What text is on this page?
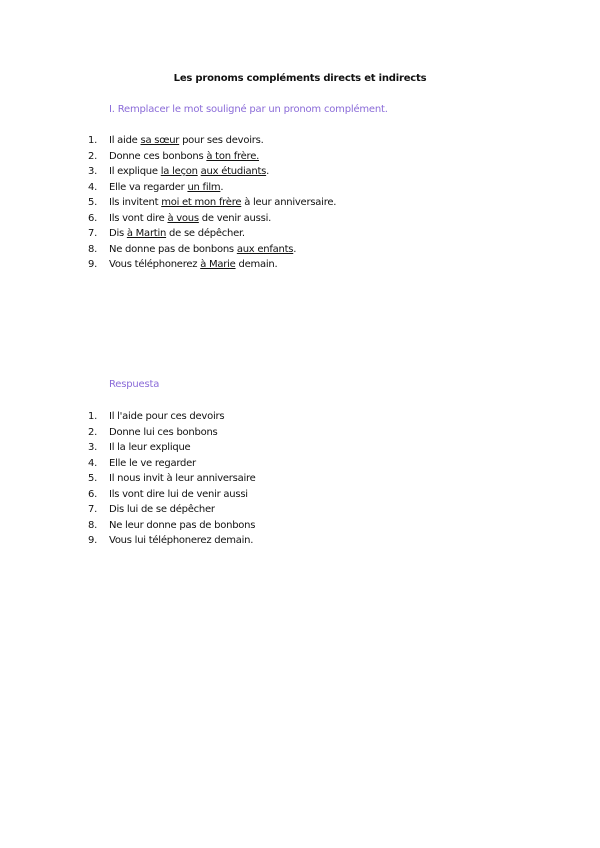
Les pronoms compléments directs et indirects
I. Remplacer le mot souligné par un pronom complément.
1.	Il aide sa sœur pour ses devoirs.
2.	Donne ces bonbons à ton frère.
3.	Il explique la leçon aux étudiants.
4.	Elle va regarder un film.
5.	Ils invitent moi et mon frère à leur anniversaire.
6.	Ils vont dire à vous de venir aussi.
7.	Dis à Martin de se dépêcher.
8.	Ne donne pas de bonbons aux enfants.
9.	Vous téléphonerez à Marie demain.
Respuesta
1.	Il l'aide pour ces devoirs
2.	Donne lui ces bonbons
3.	Il la leur explique
4.	Elle le ve regarder
5.	Il nous invit à leur anniversaire
6.	Ils vont dire lui de venir aussi
7.	Dis lui de se dépêcher
8.	Ne leur donne pas de bonbons
9.	Vous lui téléphonerez demain.
